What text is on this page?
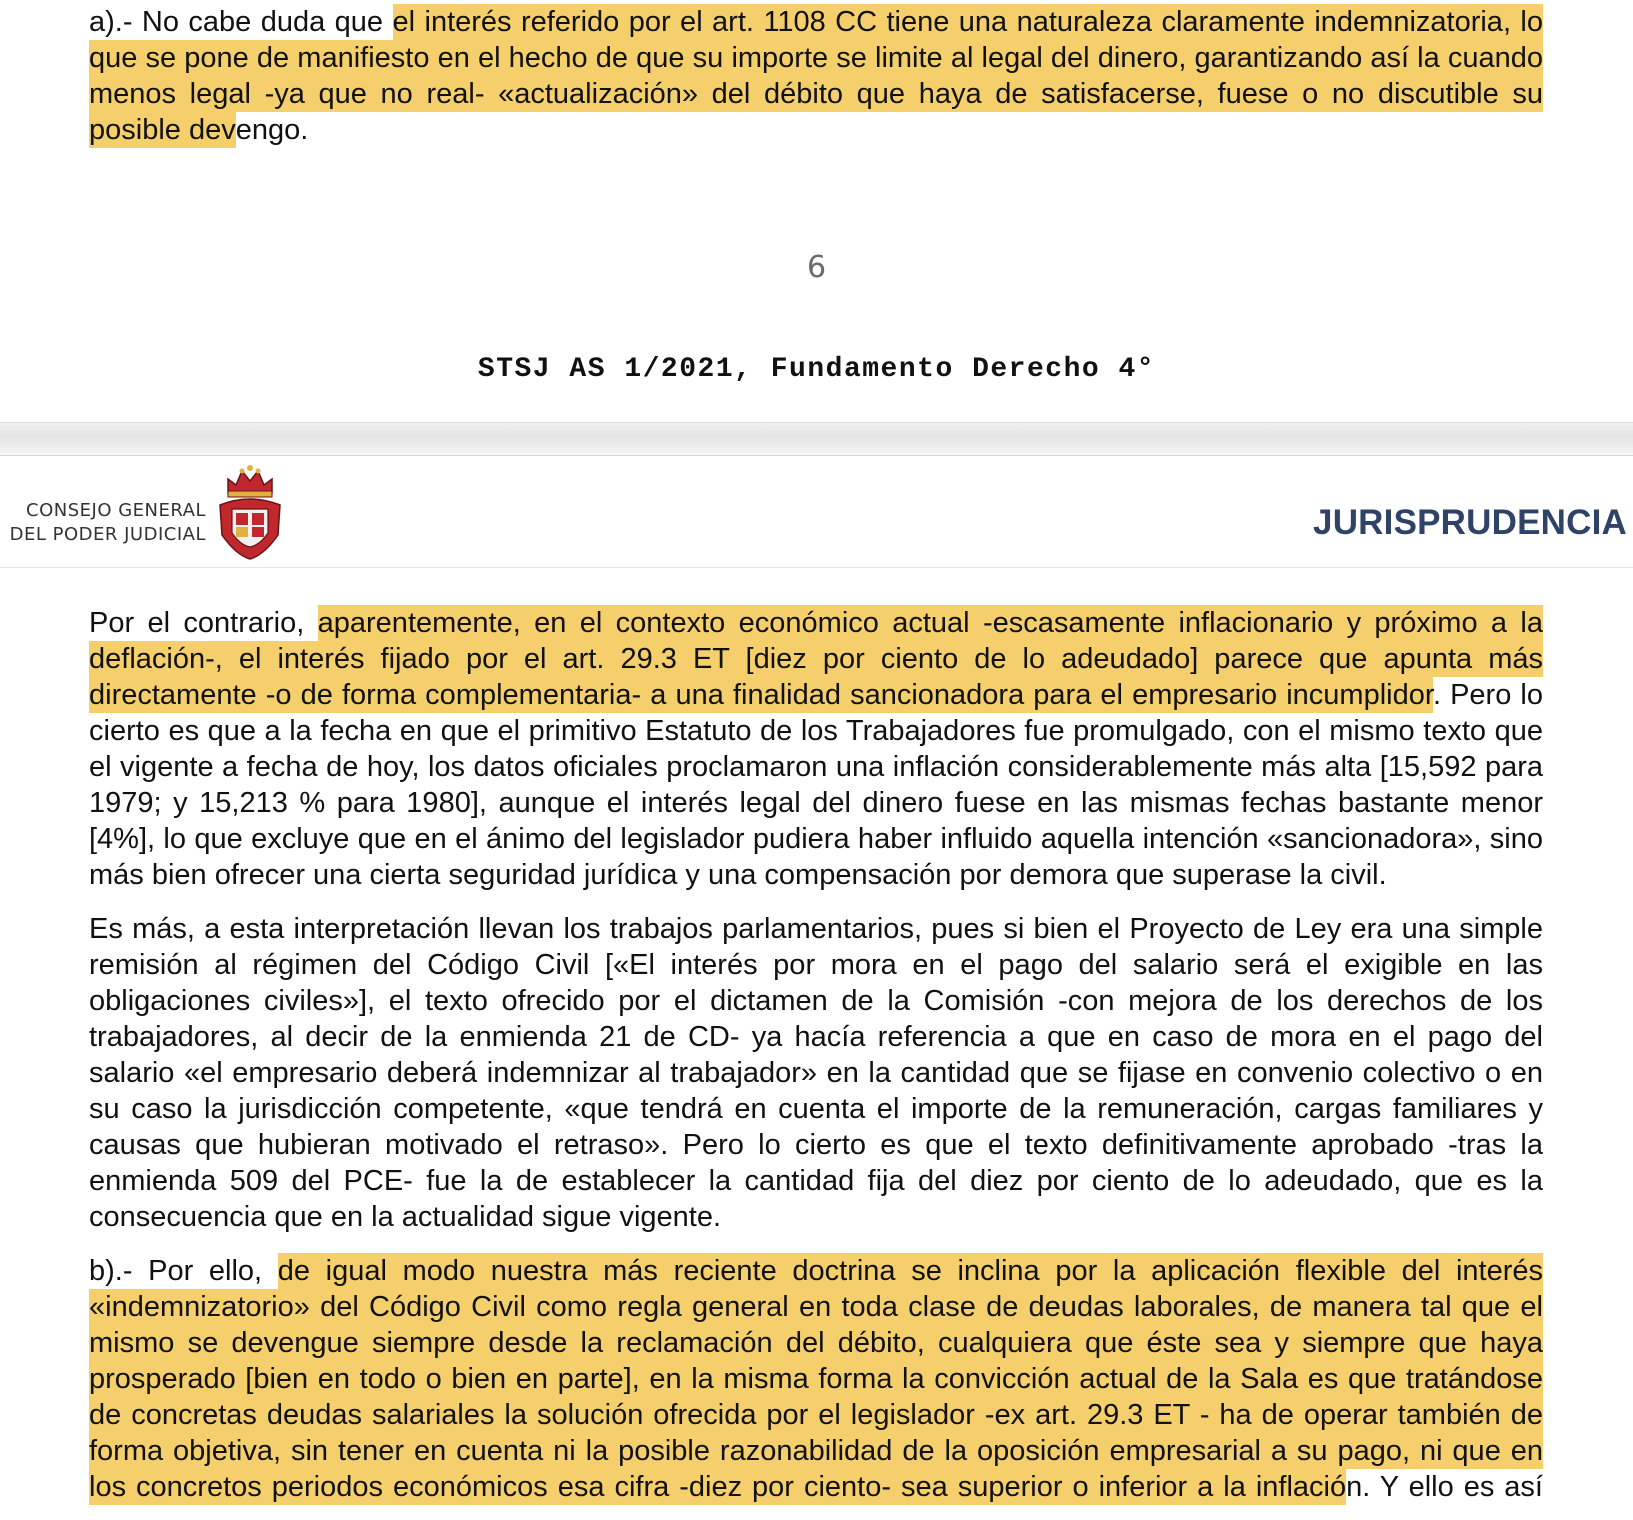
a).- No cabe duda que el interés referido por el art. 1108 CC tiene una naturaleza claramente indemnizatoria, lo que se pone de manifiesto en el hecho de que su importe se limite al legal del dinero, garantizando así la cuando menos legal -ya que no real- «actualización» del débito que haya de satisfacerse, fuese o no discutible su posible devengo.

6
STSJ AS 1/2021, Fundamento Derecho 4°
CONSEJO GENERAL
DEL PODER JUDICIAL	JURISPRUDENCIA

Por el contrario, aparentemente, en el contexto económico actual -escasamente inflacionario y próximo a la deflación-, el interés fijado por el art. 29.3 ET [diez por ciento de lo adeudado] parece que apunta más directamente -o de forma complementaria- a una finalidad sancionadora para el empresario incumplidor. Pero lo cierto es que a la fecha en que el primitivo Estatuto de los Trabajadores fue promulgado, con el mismo texto que el vigente a fecha de hoy, los datos oficiales proclamaron una inflación considerablemente más alta [15,592 para 1979; y 15,213 % para 1980], aunque el interés legal del dinero fuese en las mismas fechas bastante menor [4%], lo que excluye que en el ánimo del legislador pudiera haber influido aquella intención «sancionadora», sino más bien ofrecer una cierta seguridad jurídica y una compensación por demora que superase la civil.

Es más, a esta interpretación llevan los trabajos parlamentarios, pues si bien el Proyecto de Ley era una simple remisión al régimen del Código Civil [«El interés por mora en el pago del salario será el exigible en las obligaciones civiles»], el texto ofrecido por el dictamen de la Comisión -con mejora de los derechos de los trabajadores, al decir de la enmienda 21 de CD- ya hacía referencia a que en caso de mora en el pago del salario «el empresario deberá indemnizar al trabajador» en la cantidad que se fijase en convenio colectivo o en su caso la jurisdicción competente, «que tendrá en cuenta el importe de la remuneración, cargas familiares y causas que hubieran motivado el retraso». Pero lo cierto es que el texto definitivamente aprobado -tras la enmienda 509 del PCE- fue la de establecer la cantidad fija del diez por ciento de lo adeudado, que es la consecuencia que en la actualidad sigue vigente.

b).- Por ello, de igual modo nuestra más reciente doctrina se inclina por la aplicación flexible del interés «indemnizatorio» del Código Civil como regla general en toda clase de deudas laborales, de manera tal que el mismo se devengue siempre desde la reclamación del débito, cualquiera que éste sea y siempre que haya prosperado [bien en todo o bien en parte], en la misma forma la convicción actual de la Sala es que tratándose de concretas deudas salariales la solución ofrecida por el legislador -ex art. 29.3 ET - ha de operar también de forma objetiva, sin tener en cuenta ni la posible razonabilidad de la oposición empresarial a su pago, ni que en los concretos periodos económicos esa cifra -diez por ciento- sea superior o inferior a la inflación. Y ello es así
